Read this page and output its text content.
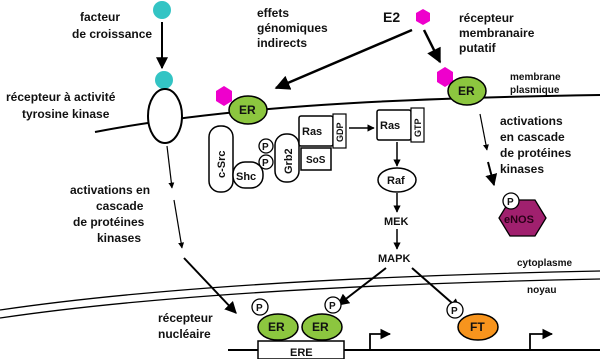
facteur
de croissance
récepteur à activité
tyrosine kinase
effets
génomiques
indirects
E2
ER
récepteur
membranaire
putatif
ER
membrane
plasmique
c-Src Shc
Grb2
P
P	SoS
Ras GDP	Ras GTP
Raf
MEK
MAPK
activations
en cascade
de protéines
kinases
eNOS
P
activations en
cascade
de protéines
kinases
cytoplasme
noyau
récepteur
nucléaire
ERE
ER ER
P	P
FT
P
